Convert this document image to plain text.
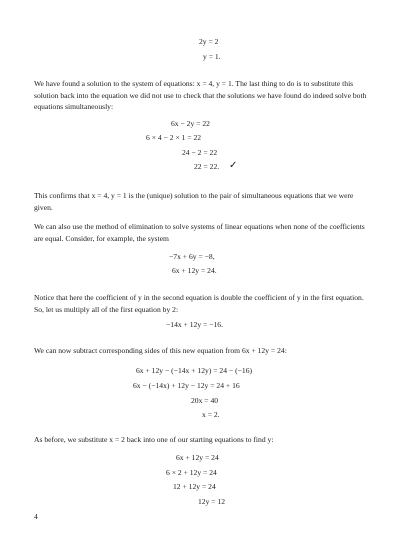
2y = 2
y = 1.

We have found a solution to the system of equations: x = 4, y = 1. The last thing to do is to substitute this solution back into the equation we did not use to check that the solutions we have found do indeed solve both equations simultaneously:

6x − 2y = 22
6 × 4 − 2 × 1 = 22
24 − 2 = 22
22 = 22. ✓

This confirms that x = 4, y = 1 is the (unique) solution to the pair of simultaneous equations that we were given.

We can also use the method of elimination to solve systems of linear equations when none of the coefficients are equal. Consider, for example, the system

−7x + 6y = −8,
6x + 12y = 24.

Notice that here the coefficient of y in the second equation is double the coefficient of y in the first equation. So, let us multiply all of the first equation by 2:

−14x + 12y = −16.

We can now subtract corresponding sides of this new equation from 6x + 12y = 24:

6x + 12y − (−14x + 12y) = 24 − (−16)
6x − (−14x) + 12y − 12y = 24 + 16
20x = 40
x = 2.

As before, we substitute x = 2 back into one of our starting equations to find y:

6x + 12y = 24
6 × 2 + 12y = 24
12 + 12y = 24
12y = 12
4
